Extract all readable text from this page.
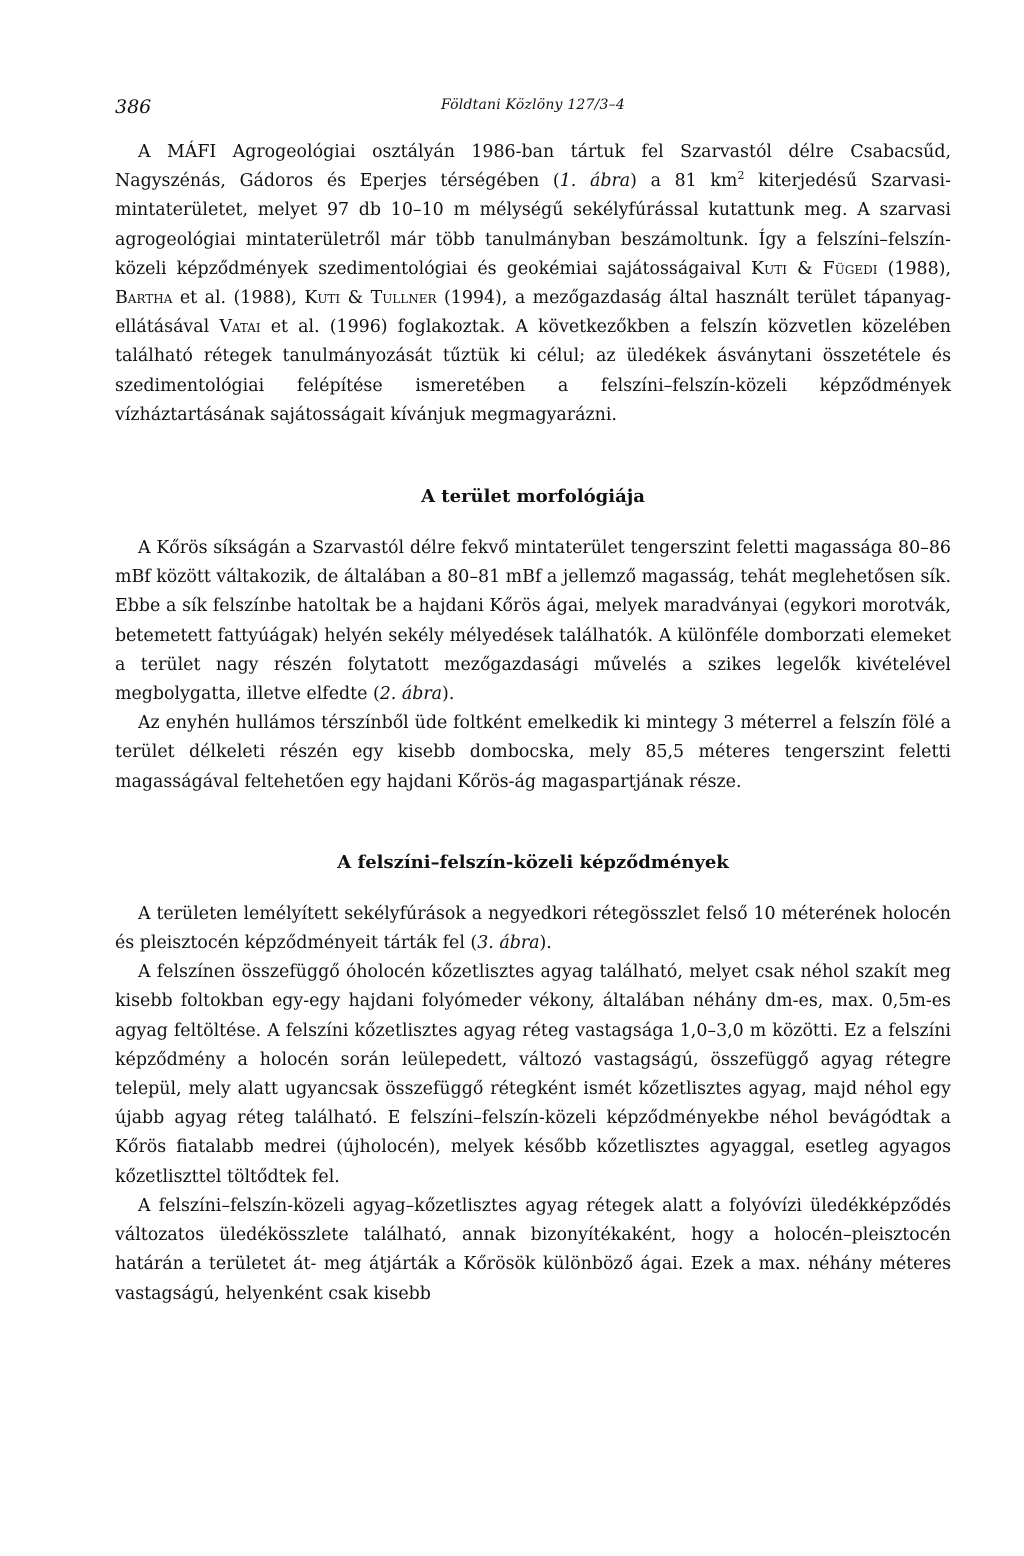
386	Földtani Közlöny 127/3–4

A MÁFI Agrogeológiai osztályán 1986-ban tártuk fel Szarvastól délre Csabacsűd, Nagyszénás, Gádoros és Eperjes térségében (1. ábra) a 81 $km^2$ kiterjedésű Szarvasi-mintaterületet, melyet 97 db 10–10 m mélységű sekélyfúrással kutattunk meg. A szarvasi agrogeológiai mintaterületről már több tanulmányban beszámoltunk. Így a felszíni–felszín-közeli képződmények szedimentológiai és geokémiai sajátosságaival Kuti & Fügedi (1988), Bartha et al. (1988), Kuti & Tullner (1994), a mezőgazdaság által használt terület tápanyag-ellátásával Vatai et al. (1996) foglakoztak. A következőkben a felszín közvetlen közelében található rétegek tanulmányozását tűztük ki célul; az üledékek ásványtani összetétele és szedimentológiai felépítése ismeretében a felszíni–felszín-közeli képződmények vízháztartásának sajátosságait kívánjuk megmagyarázni.

A terület morfológiája

A Kőrös síkságán a Szarvastól délre fekvő mintaterület tengerszint feletti magassága 80–86 mBf között váltakozik, de általában a 80–81 mBf a jellemző magasság, tehát meglehetősen sík. Ebbe a sík felszínbe hatoltak be a hajdani Kőrös ágai, melyek maradványai (egykori morotvák, betemetett fattyúágak) helyén sekély mélyedések találhatók. A különféle domborzati elemeket a terület nagy részén folytatott mezőgazdasági művelés a szikes legelők kivételével megbolygatta, illetve elfedte (2. ábra).

Az enyhén hullámos térszínből üde foltként emelkedik ki mintegy 3 méterrel a felszín fölé a terület délkeleti részén egy kisebb dombocska, mely 85,5 méteres tengerszint feletti magasságával feltehetően egy hajdani Kőrös-ág magaspartjának része.

A felszíni–felszín-közeli képződmények

A területen lemélyített sekélyfúrások a negyedkori rétegösszlet felső 10 méterének holocén és pleisztocén képződményeit tárták fel (3. ábra).

A felszínen összefüggő óholocén kőzetlisztes agyag található, melyet csak néhol szakít meg kisebb foltokban egy-egy hajdani folyómeder vékony, általában néhány dm-es, max. 0,5m-es agyag feltöltése. A felszíni kőzetlisztes agyag réteg vastagsága 1,0–3,0 m közötti. Ez a felszíni képződmény a holocén során leülepedett, változó vastagságú, összefüggő agyag rétegre települ, mely alatt ugyancsak összefüggő rétegként ismét kőzetlisztes agyag, majd néhol egy újabb agyag réteg található. E felszíni–felszín-közeli képződményekbe néhol bevágódtak a Kőrös fiatalabb medrei (újholocén), melyek később kőzetlisztes agyaggal, esetleg agyagos kőzetliszttel töltődtek fel.

A felszíni–felszín-közeli agyag–kőzetlisztes agyag rétegek alatt a folyóvízi üledékképződés változatos üledékösszlete található, annak bizonyítékaként, hogy a holocén–pleisztocén határán a területet át- meg átjárták a Kőrösök különböző ágai. Ezek a max. néhány méteres vastagságú, helyenként csak kisebb
